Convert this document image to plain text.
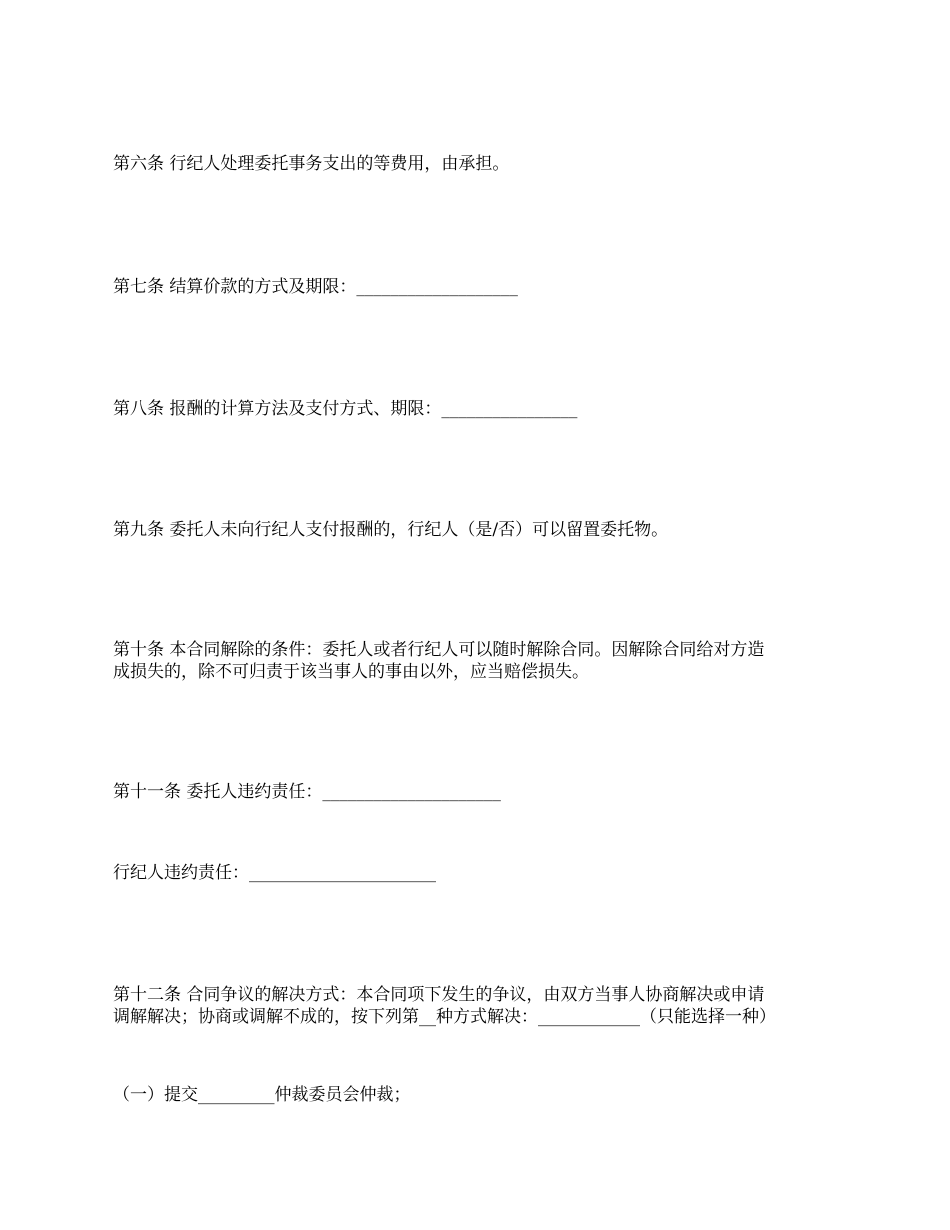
第六条 行纪人处理委托事务支出的等费用，由承担。
第七条 结算价款的方式及期限：___________________
第八条 报酬的计算方法及支付方式、期限：________________
第九条 委托人未向行纪人支付报酬的，行纪人（是/否）可以留置委托物。
第十条 本合同解除的条件：委托人或者行纪人可以随时解除合同。因解除合同给对方造
成损失的，除不可归责于该当事人的事由以外，应当赔偿损失。
第十一条 委托人违约责任：_____________________
行纪人违约责任：______________________
第十二条 合同争议的解决方式：本合同项下发生的争议，由双方当事人协商解决或申请
调解解决；协商或调解不成的，按下列第__种方式解决：____________（只能选择一种）
（一）提交_________仲裁委员会仲裁；
